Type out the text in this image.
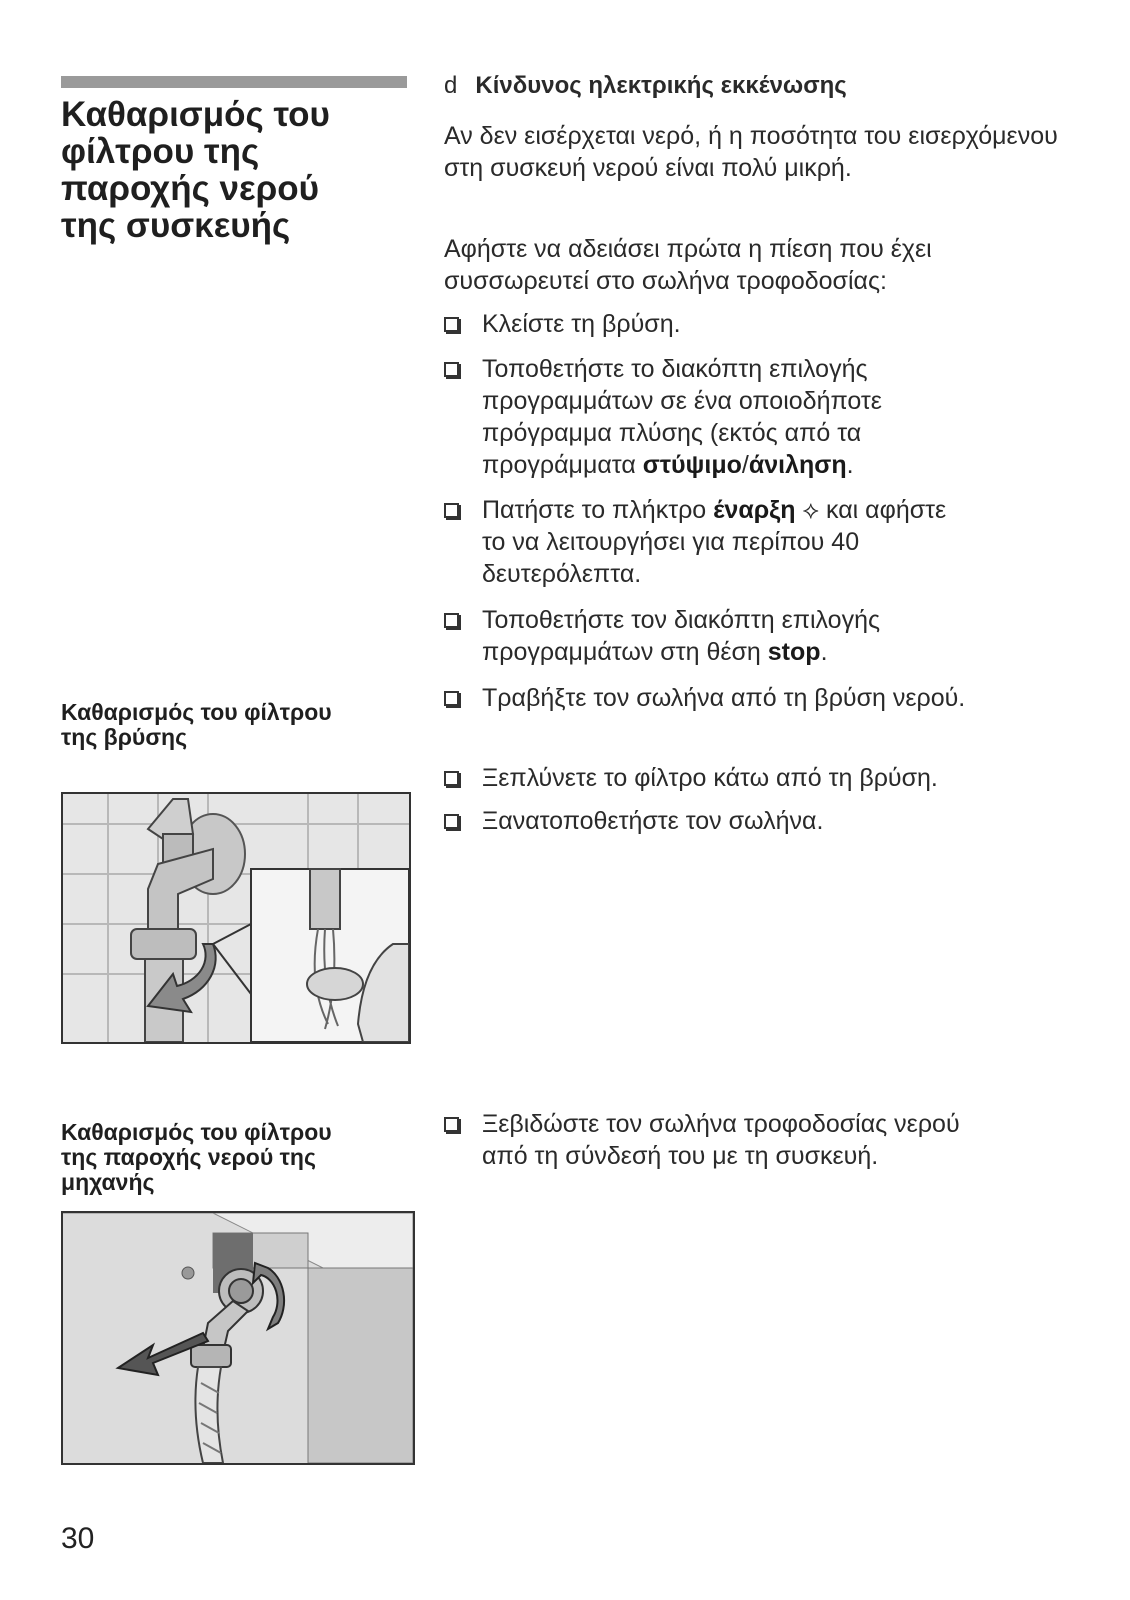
Καθαρισμός του
φίλτρου της
παροχής νερού
της συσκευής
Καθαρισμός του φίλτρου
της βρύσης
Καθαρισμός του φίλτρου
της παροχής νερού της
μηχανής
d Κίνδυνος ηλεκτρικής εκκένωσης

Αν δεν εισέρχεται νερό, ή η ποσότητα του εισερχόμενου στη συσκευή νερού είναι πολύ μικρή.

Αφήστε να αδειάσει πρώτα η πίεση που έχει συσσωρευτεί στο σωλήνα τροφοδοσίας:

Κλείστε τη βρύση.
Τοποθετήστε το διακόπτη επιλογής
προγραμμάτων σε ένα οποιοδήποτε
πρόγραμμα πλύσης (εκτός από τα
προγράμματα στύψιμο/άνιληση.
Πατήστε το πλήκτρο έναρξη ⟡ και αφήστε
το να λειτουργήσει για περίπου 40
δευτερόλεπτα.
Τοποθετήστε τον διακόπτη επιλογής
προγραμμάτων στη θέση stop.
Τραβήξτε τον σωλήνα από τη βρύση νερού.
Ξεπλύνετε το φίλτρο κάτω από τη βρύση.
Ξανατοποθετήστε τον σωλήνα.
Ξεβιδώστε τον σωλήνα τροφοδοσίας νερού
από τη σύνδεσή του με τη συσκευή.
30
